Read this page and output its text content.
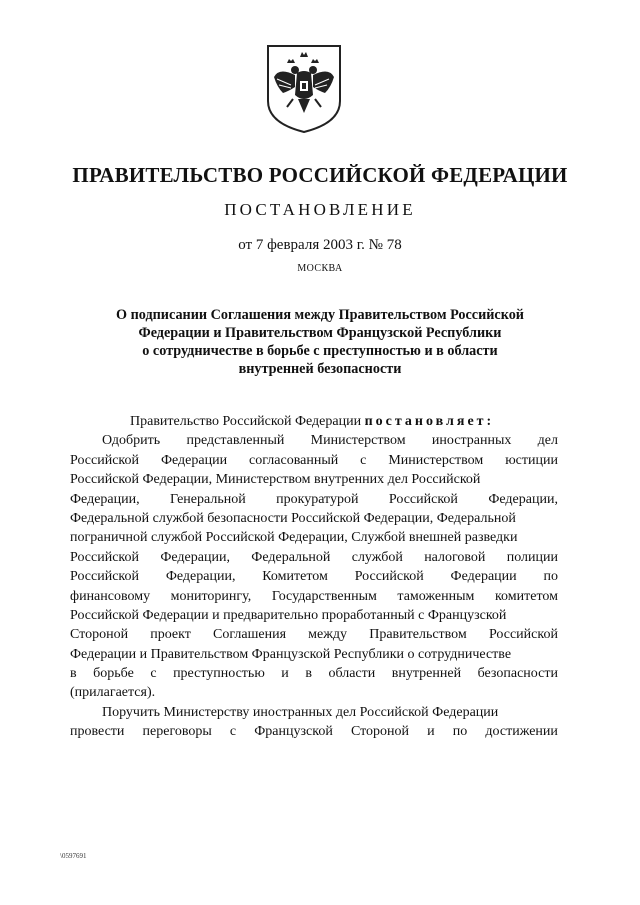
ПРАВИТЕЛЬСТВО РОССИЙСКОЙ ФЕДЕРАЦИИ
ПОСТАНОВЛЕНИЕ
от 7 февраля 2003 г. № 78
МОСКВА
О подписании Соглашения между Правительством Российской
Федерации и Правительством Французской Республики
о сотрудничестве в борьбе с преступностью и в области
внутренней безопасности
Правительство Российской Федерации постановляет:
Одобрить представленный Министерством иностранных дел
Российской Федерации согласованный с Министерством юстиции
Российской Федерации, Министерством внутренних дел Российской
Федерации, Генеральной прокуратурой Российской Федерации,
Федеральной службой безопасности Российской Федерации, Федеральной
пограничной службой Российской Федерации, Службой внешней разведки
Российской Федерации, Федеральной службой налоговой полиции
Российской Федерации, Комитетом Российской Федерации по
финансовому мониторингу, Государственным таможенным комитетом
Российской Федерации и предварительно проработанный с Французской
Стороной проект Соглашения между Правительством Российской
Федерации и Правительством Французской Республики о сотрудничестве
в борьбе с преступностью и в области внутренней безопасности
(прилагается).
Поручить Министерству иностранных дел Российской Федерации
провести переговоры с Французской Стороной и по достижении
\0597691
